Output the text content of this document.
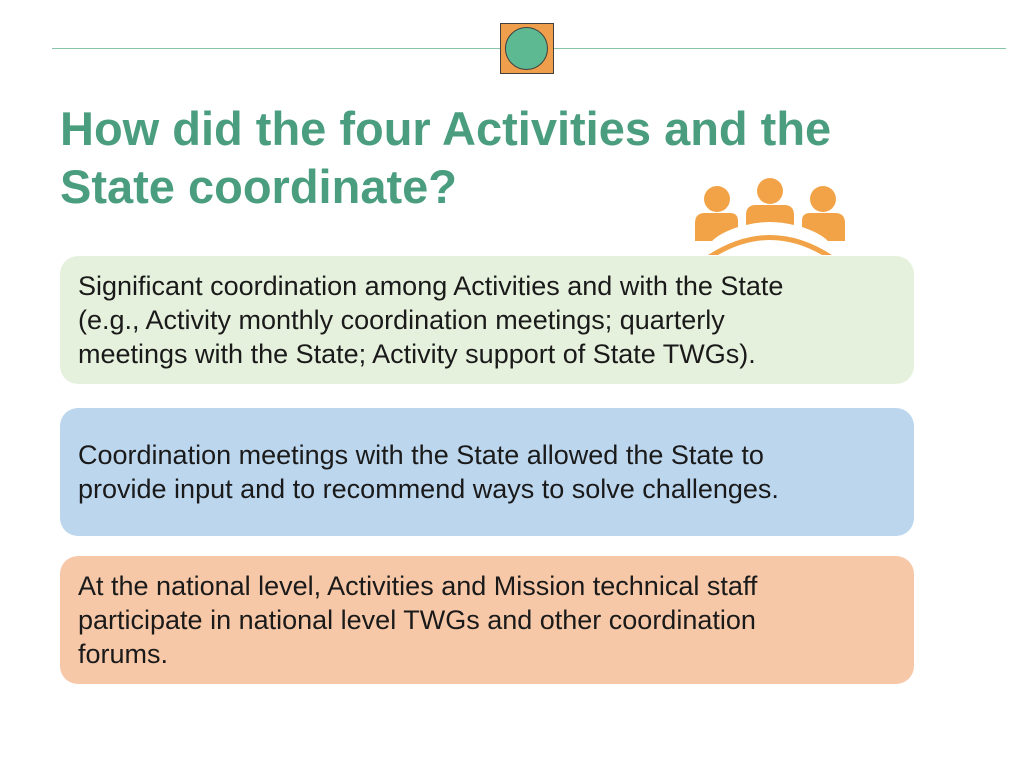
How did the four Activities and the
State coordinate?

Significant coordination among Activities and with the State
(e.g., Activity monthly coordination meetings; quarterly
meetings with the State; Activity support of State TWGs).

Coordination meetings with the State allowed the State to
provide input and to recommend ways to solve challenges.

At the national level, Activities and Mission technical staff
participate in national level TWGs and other coordination
forums.
